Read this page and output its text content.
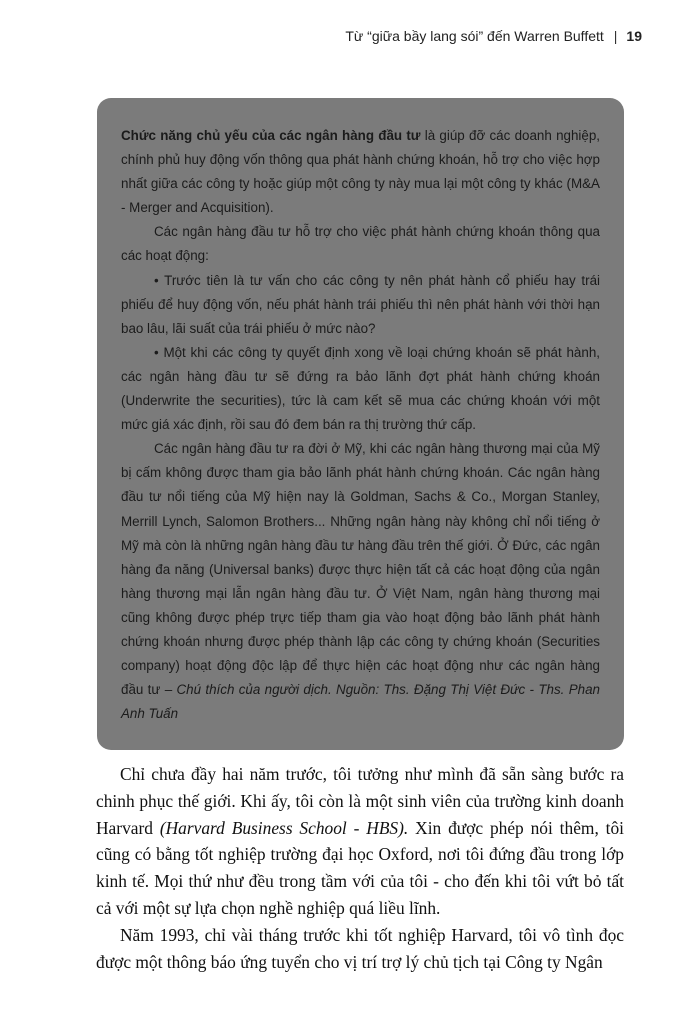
Từ “giữa bầy lang sói” đến Warren Buffett | 19

Chức năng chủ yếu của các ngân hàng đầu tư là giúp đỡ các doanh nghiệp, chính phủ huy động vốn thông qua phát hành chứng khoán, hỗ trợ cho việc hợp nhất giữa các công ty hoặc giúp một công ty này mua lại một công ty khác (M&A - Merger and Acquisition).

Các ngân hàng đầu tư hỗ trợ cho việc phát hành chứng khoán thông qua các hoạt động:

• Trước tiên là tư vấn cho các công ty nên phát hành cổ phiếu hay trái phiếu để huy động vốn, nếu phát hành trái phiếu thì nên phát hành với thời hạn bao lâu, lãi suất của trái phiếu ở mức nào?

• Một khi các công ty quyết định xong về loại chứng khoán sẽ phát hành, các ngân hàng đầu tư sẽ đứng ra bảo lãnh đợt phát hành chứng khoán (Underwrite the securities), tức là cam kết sẽ mua các chứng khoán với một mức giá xác định, rồi sau đó đem bán ra thị trường thứ cấp.

Các ngân hàng đầu tư ra đời ở Mỹ, khi các ngân hàng thương mại của Mỹ bị cấm không được tham gia bảo lãnh phát hành chứng khoán. Các ngân hàng đầu tư nổi tiếng của Mỹ hiện nay là Goldman, Sachs & Co., Morgan Stanley, Merrill Lynch, Salomon Brothers... Những ngân hàng này không chỉ nổi tiếng ở Mỹ mà còn là những ngân hàng đầu tư hàng đầu trên thế giới. Ở Đức, các ngân hàng đa năng (Universal banks) được thực hiện tất cả các hoạt động của ngân hàng thương mại lẫn ngân hàng đầu tư. Ở Việt Nam, ngân hàng thương mại cũng không được phép trực tiếp tham gia vào hoạt động bảo lãnh phát hành chứng khoán nhưng được phép thành lập các công ty chứng khoán (Securities company) hoạt động độc lập để thực hiện các hoạt động như các ngân hàng đầu tư – Chú thích của người dịch. Nguồn: Ths. Đặng Thị Việt Đức - Ths. Phan Anh Tuấn

Chỉ chưa đầy hai năm trước, tôi tưởng như mình đã sẵn sàng bước ra chinh phục thế giới. Khi ấy, tôi còn là một sinh viên của trường kinh doanh Harvard (Harvard Business School - HBS). Xin được phép nói thêm, tôi cũng có bằng tốt nghiệp trường đại học Oxford, nơi tôi đứng đầu trong lớp kinh tế. Mọi thứ như đều trong tầm với của tôi - cho đến khi tôi vứt bỏ tất cả với một sự lựa chọn nghề nghiệp quá liều lĩnh.

Năm 1993, chỉ vài tháng trước khi tốt nghiệp Harvard, tôi vô tình đọc được một thông báo ứng tuyển cho vị trí trợ lý chủ tịch tại Công ty Ngân
